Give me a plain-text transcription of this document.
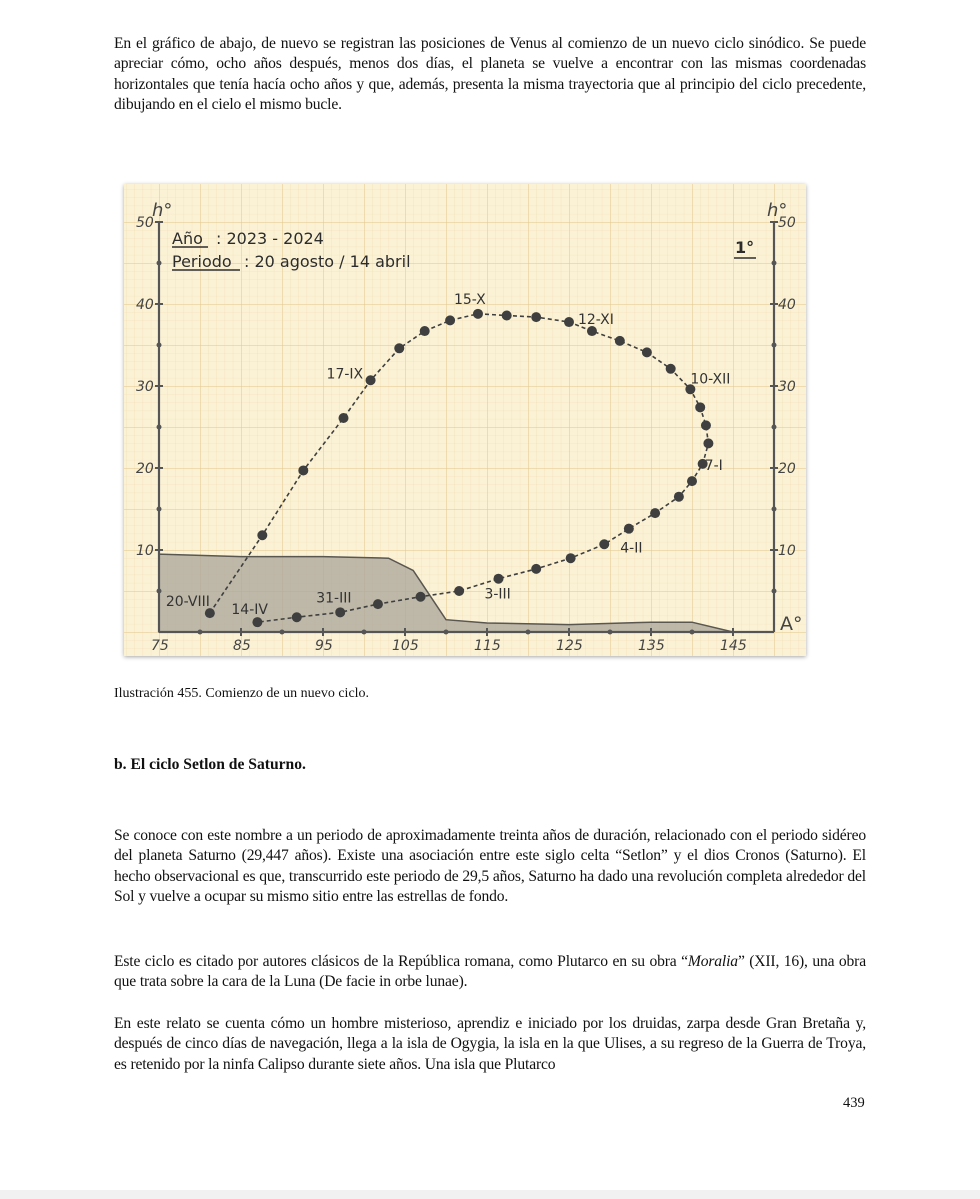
En el gráfico de abajo, de nuevo se registran las posiciones de Venus al comienzo de un nuevo ciclo sinódico. Se puede apreciar cómo, ocho años después, menos dos días, el planeta se vuelve a encontrar con las mismas coordenadas horizontales que tenía hacía ocho años y que, además, presenta la misma trayectoria que al principio del ciclo precedente, dibujando en el cielo el mismo bucle.

10	10
20	20
30	30
40	40
50	50
75	85	95	105	115	125	135	145
20-VIII
17-IX
15-X
12-XI
10-XII
7-I
4-II
3-III
31-III
14-IV
Año : 2023 - 2024
Periodo : 20 agosto / 14 abril
1°
h°	h°
A°

Ilustración 455. Comienzo de un nuevo ciclo.

b. El ciclo Setlon de Saturno.

Se conoce con este nombre a un periodo de aproximadamente treinta años de duración, relacionado con el periodo sidéreo del planeta Saturno (29,447 años). Existe una asociación entre este siglo celta “Setlon” y el dios Cronos (Saturno). El hecho observacional es que, transcurrido este periodo de 29,5 años, Saturno ha dado una revolución completa alrededor del Sol y vuelve a ocupar su mismo sitio entre las estrellas de fondo.

Este ciclo es citado por autores clásicos de la República romana, como Plutarco en su obra “Moralia” (XII, 16), una obra que trata sobre la cara de la Luna (De facie in orbe lunae).

En este relato se cuenta cómo un hombre misterioso, aprendiz e iniciado por los druidas, zarpa desde Gran Bretaña y, después de cinco días de navegación, llega a la isla de Ogygia, la isla en la que Ulises, a su regreso de la Guerra de Troya, es retenido por la ninfa Calipso durante siete años. Una isla que Plutarco

439
